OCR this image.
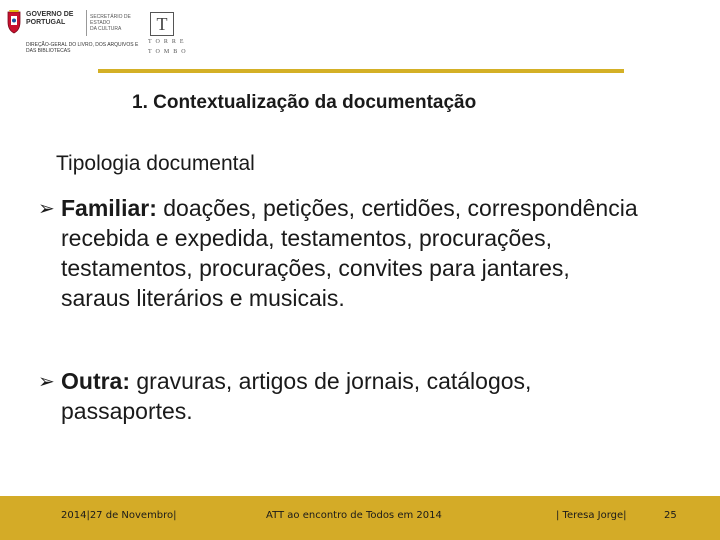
GOVERNO DE
PORTUGAL
SECRETÁRIO DE ESTADO
DA CULTURA
DIREÇÃO-GERAL DO LIVRO, DOS ARQUIVOS E
DAS BIBLIOTECAS
T
TORRE
TOMBO
1. Contextualização da documentação
Tipologia documental
➢ Familiar: doações, petições, certidões, correspondência recebida e expedida, testamentos, procurações, testamentos, procurações, convites para jantares, saraus literários e musicais.
➢ Outra: gravuras, artigos de jornais, catálogos, passaportes.
2014|27 de Novembro|	ATT ao encontro de Todos em 2014	| Teresa Jorge|	25
